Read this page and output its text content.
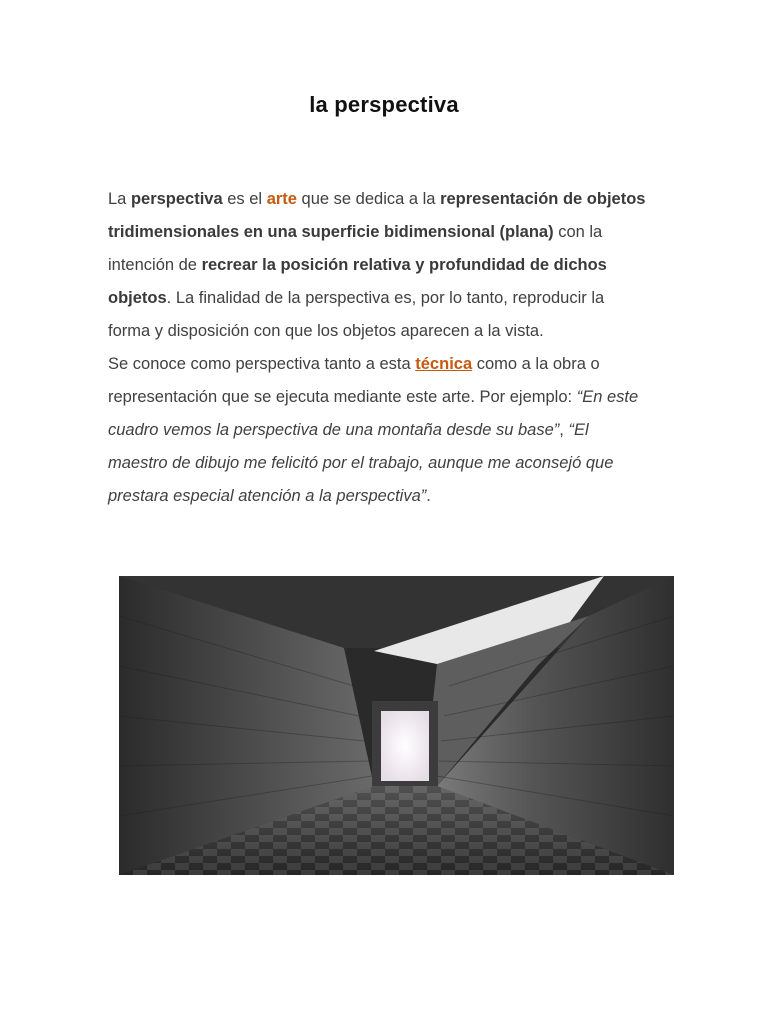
la perspectiva

La perspectiva es el arte que se dedica a la representación de objetos tridimensionales en una superficie bidimensional (plana) con la intención de recrear la posición relativa y profundidad de dichos objetos. La finalidad de la perspectiva es, por lo tanto, reproducir la forma y disposición con que los objetos aparecen a la vista.

Se conoce como perspectiva tanto a esta técnica como a la obra o representación que se ejecuta mediante este arte. Por ejemplo: “En este cuadro vemos la perspectiva de una montaña desde su base”, “El maestro de dibujo me felicitó por el trabajo, aunque me aconsejó que prestara especial atención a la perspectiva”.
